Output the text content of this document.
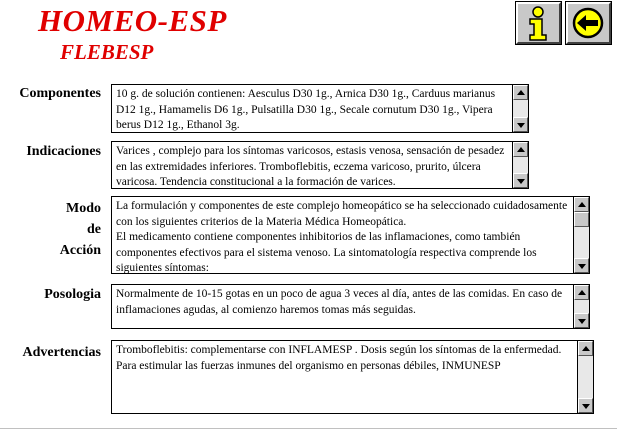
HOMEO-ESP
FLEBESP
Componentes 10 g. de solución contienen: Aesculus D30 1g., Arnica D30 1g., Carduus marianus D12 1g., Hamamelis D6 1g., Pulsatilla D30 1g., Secale cornutum D30 1g., Vipera berus D12 1g., Ethanol 3g.
Indicaciones Varices , complejo para los síntomas varicosos, estasis venosa, sensación de pesadez en las extremidades inferiores. Tromboflebitis, eczema varicoso, prurito, úlcera varicosa. Tendencia constitucional a la formación de varices.
Modo
de
Acción
La formulación y componentes de este complejo homeopático se ha seleccionado cuidadosamente con los siguientes criterios de la Materia Médica Homeopática.
El medicamento contiene componentes inhibitorios de las inflamaciones, como también componentes efectivos para el sistema venoso. La sintomatología respectiva comprende los siguientes síntomas:
Posologia Normalmente de 10-15 gotas en un poco de agua 3 veces al día, antes de las comidas. En caso de inflamaciones agudas, al comienzo haremos tomas más seguidas.
Advertencias Tromboflebitis: complementarse con INFLAMESP . Dosis según los síntomas de la enfermedad.
Para estimular las fuerzas inmunes del organismo en personas débiles, INMUNESP
